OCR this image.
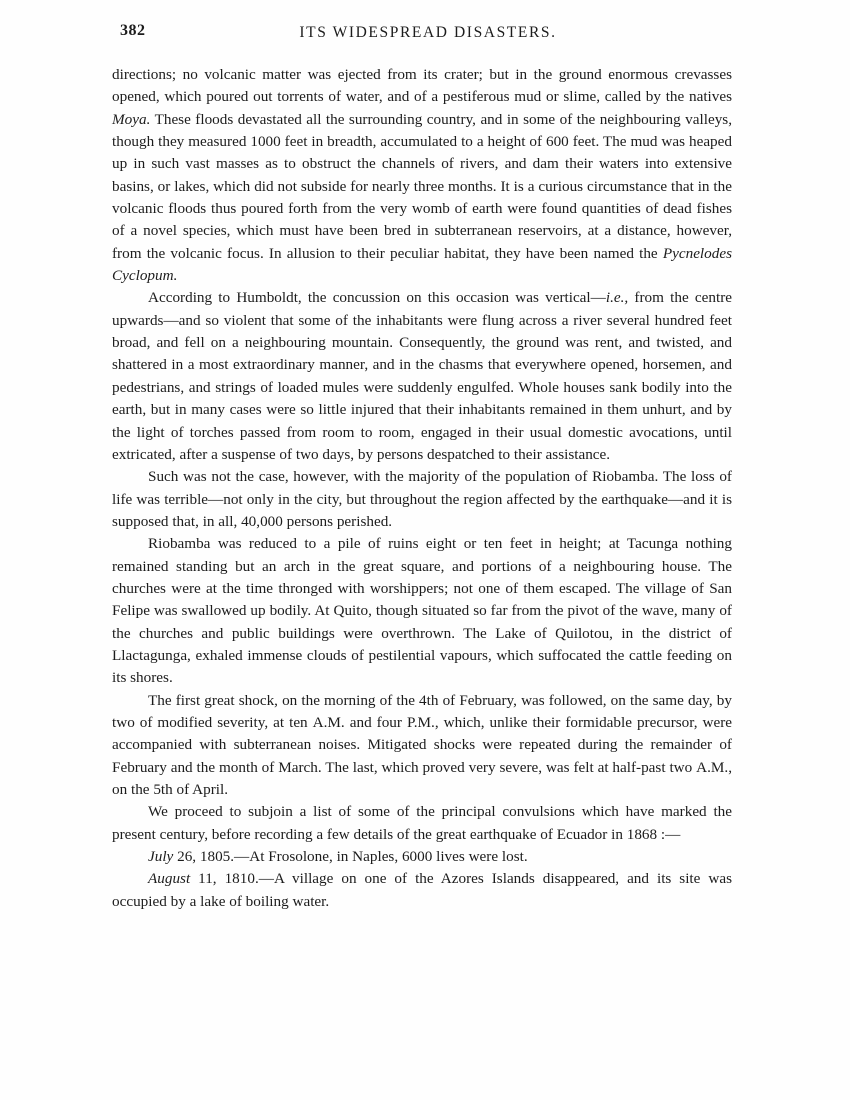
382	ITS WIDESPREAD DISASTERS.

directions; no volcanic matter was ejected from its crater; but in the ground enormous crevasses opened, which poured out torrents of water, and of a pestiferous mud or slime, called by the natives Moya. These floods devastated all the surrounding country, and in some of the neighbouring valleys, though they measured 1000 feet in breadth, accumulated to a height of 600 feet. The mud was heaped up in such vast masses as to obstruct the channels of rivers, and dam their waters into extensive basins, or lakes, which did not subside for nearly three months. It is a curious circumstance that in the volcanic floods thus poured forth from the very womb of earth were found quantities of dead fishes of a novel species, which must have been bred in subterranean reservoirs, at a distance, however, from the volcanic focus. In allusion to their peculiar habitat, they have been named the Pycnelodes Cyclopum.

According to Humboldt, the concussion on this occasion was vertical—i.e., from the centre upwards—and so violent that some of the inhabitants were flung across a river several hundred feet broad, and fell on a neighbouring mountain. Consequently, the ground was rent, and twisted, and shattered in a most extraordinary manner, and in the chasms that everywhere opened, horsemen, and pedestrians, and strings of loaded mules were suddenly engulfed. Whole houses sank bodily into the earth, but in many cases were so little injured that their inhabitants remained in them unhurt, and by the light of torches passed from room to room, engaged in their usual domestic avocations, until extricated, after a suspense of two days, by persons despatched to their assistance.

Such was not the case, however, with the majority of the population of Riobamba. The loss of life was terrible—not only in the city, but throughout the region affected by the earthquake—and it is supposed that, in all, 40,000 persons perished.

Riobamba was reduced to a pile of ruins eight or ten feet in height; at Tacunga nothing remained standing but an arch in the great square, and portions of a neighbouring house. The churches were at the time thronged with worshippers; not one of them escaped. The village of San Felipe was swallowed up bodily. At Quito, though situated so far from the pivot of the wave, many of the churches and public buildings were overthrown. The Lake of Quilotou, in the district of Llactagunga, exhaled immense clouds of pestilential vapours, which suffocated the cattle feeding on its shores.

The first great shock, on the morning of the 4th of February, was followed, on the same day, by two of modified severity, at ten A.M. and four P.M., which, unlike their formidable precursor, were accompanied with subterranean noises. Mitigated shocks were repeated during the remainder of February and the month of March. The last, which proved very severe, was felt at half-past two A.M., on the 5th of April.

We proceed to subjoin a list of some of the principal convulsions which have marked the present century, before recording a few details of the great earthquake of Ecuador in 1868 :—

July 26, 1805.—At Frosolone, in Naples, 6000 lives were lost.

August 11, 1810.—A village on one of the Azores Islands disappeared, and its site was occupied by a lake of boiling water.
